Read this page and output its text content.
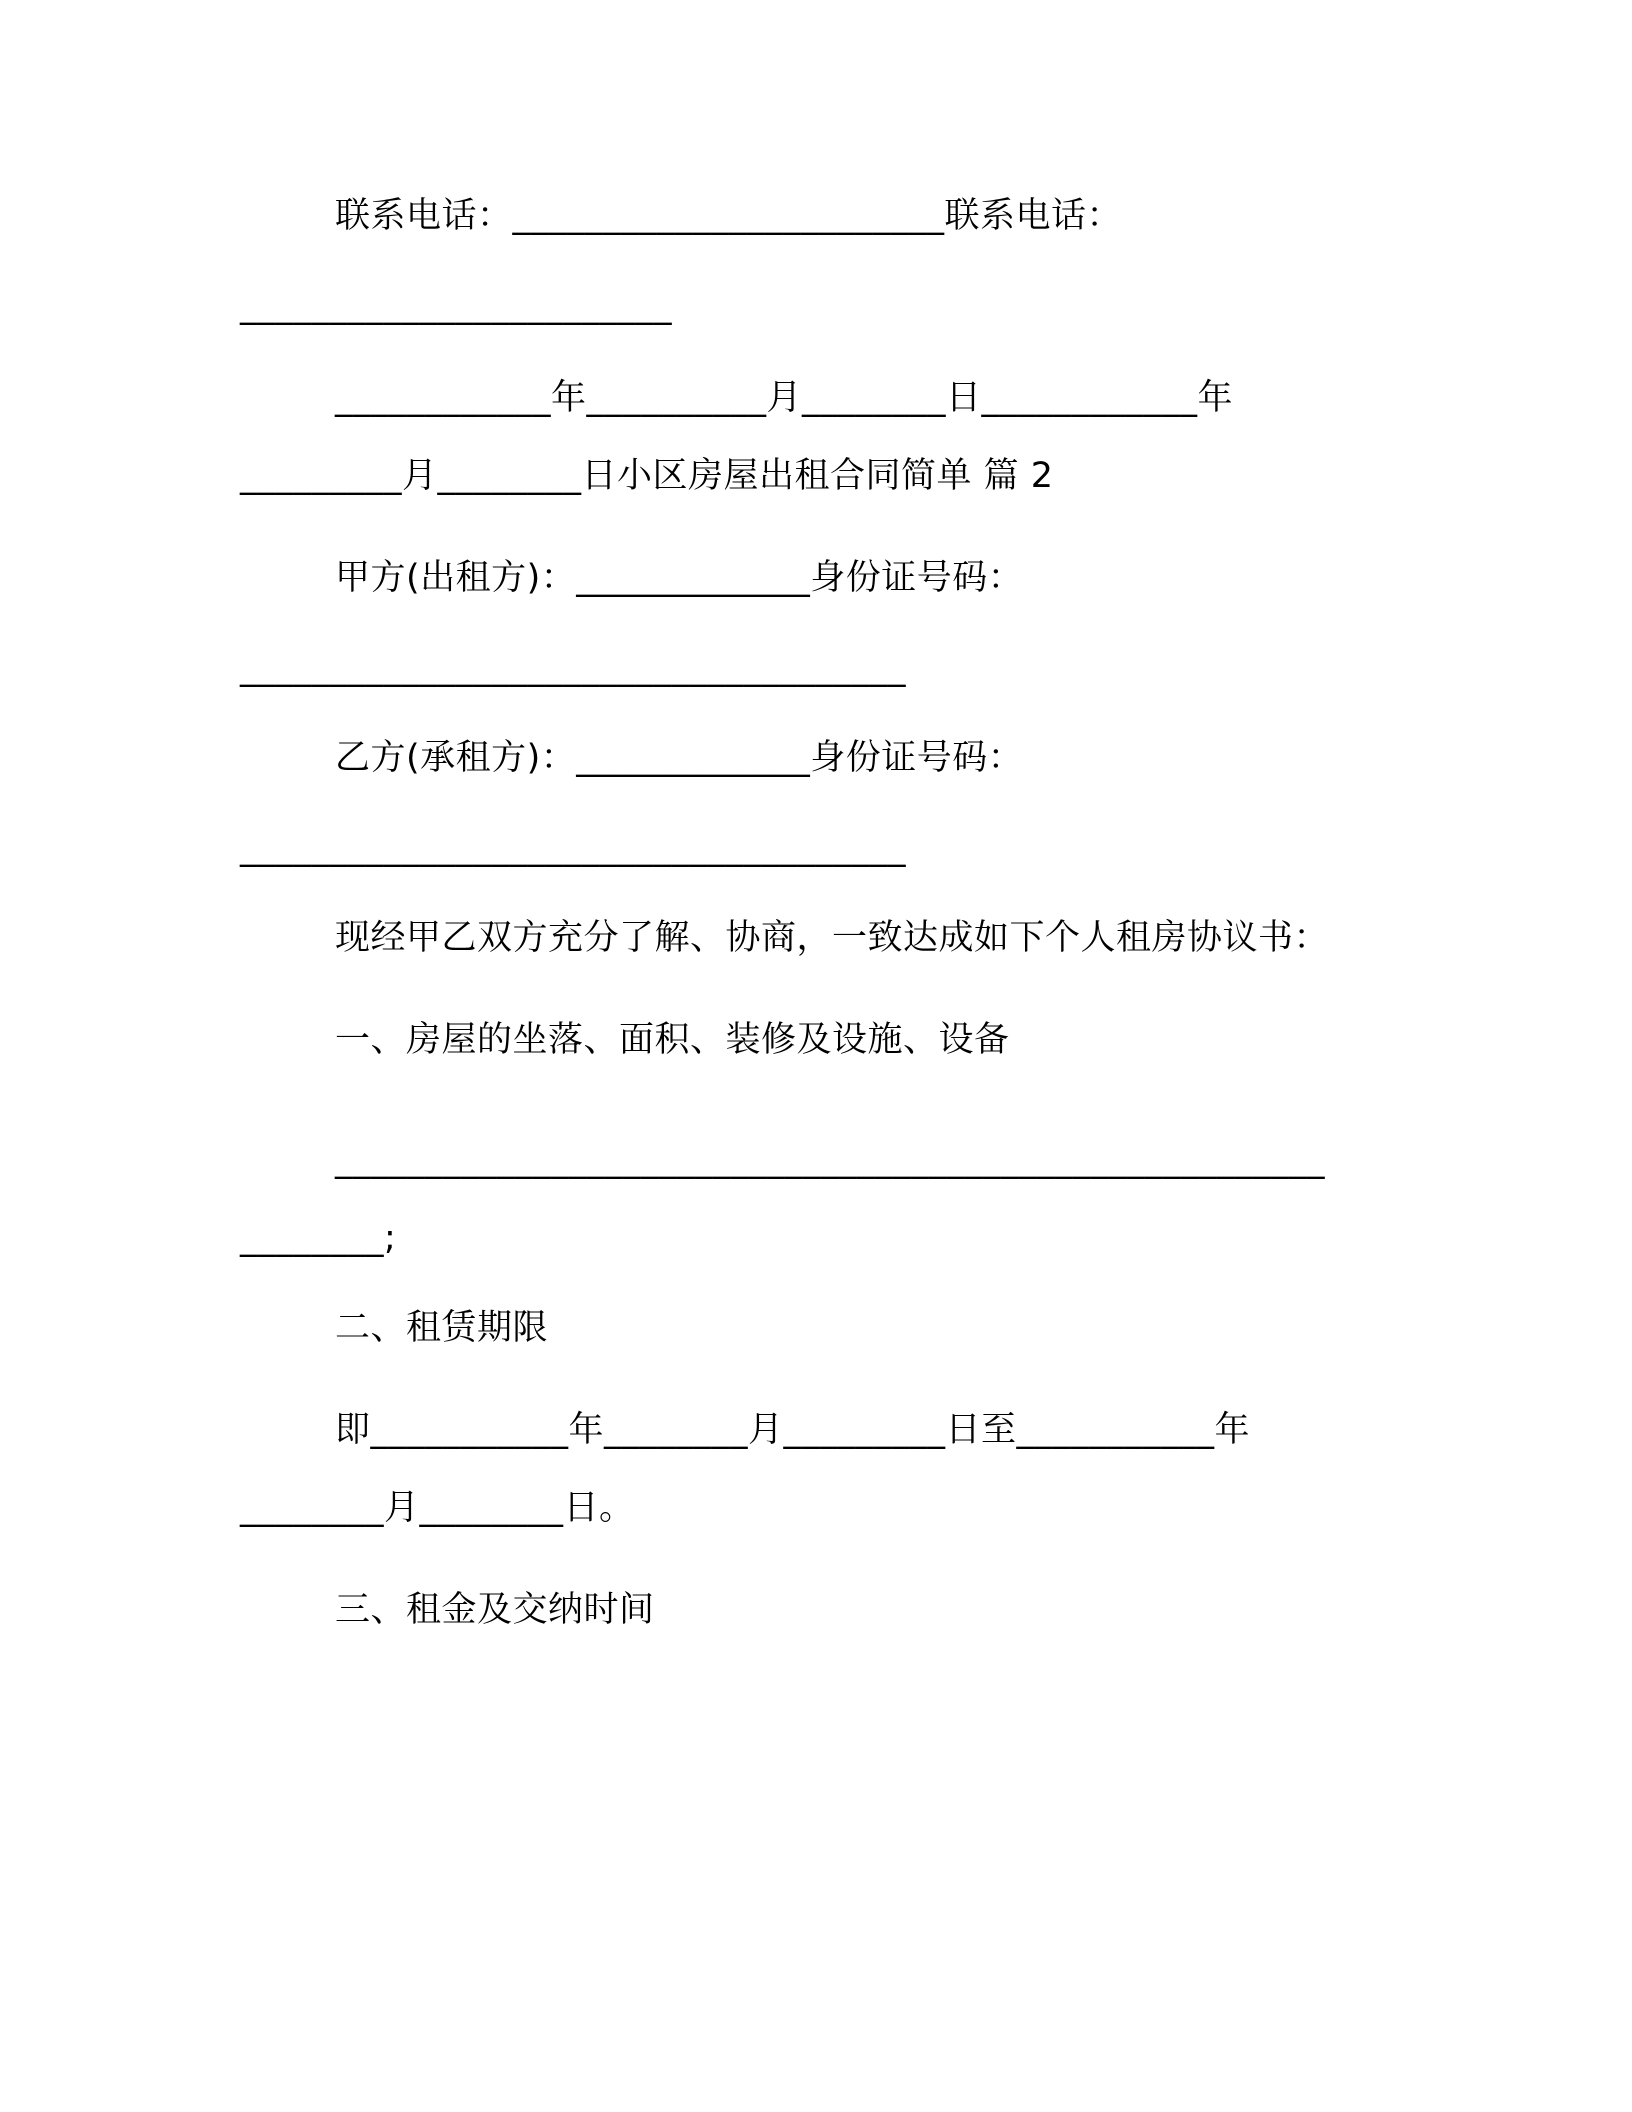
联系电话：________________________联系电话：
________________________
____________年__________月________日____________年
_________月________日小区房屋出租合同简单 篇 2
甲方(出租方)：_____________身份证号码：
_____________________________________
乙方(承租方)：_____________身份证号码：
_____________________________________
现经甲乙双方充分了解、协商，一致达成如下个人租房协议书：
一、房屋的坐落、面积、装修及设施、设备
_______________________________________________________
________;
二、租赁期限
即___________年________月_________日至___________年
________月________日。
三、租金及交纳时间
